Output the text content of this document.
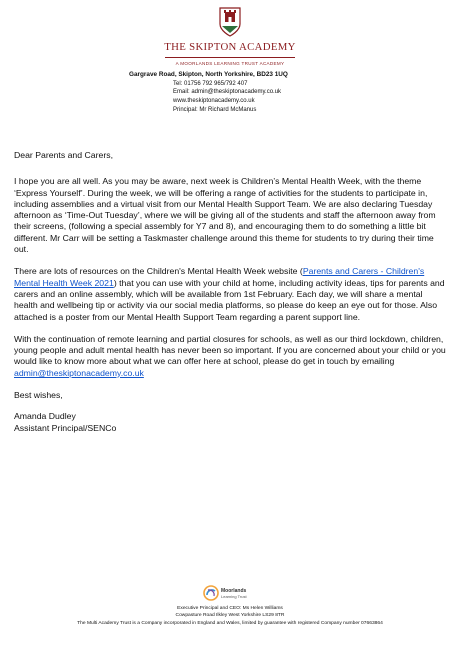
THE SKIPTON ACADEMY
A MOORLANDS LEARNING TRUST ACADEMY
Gargrave Road, Skipton, North Yorkshire, BD23 1UQ
Tel: 01756 792 965/792 407
Email: admin@theskiptonacademy.co.uk
www.theskiptonacademy.co.uk
Principal: Mr Richard McManus

Dear Parents and Carers,

I hope you are all well. As you may be aware, next week is Children’s Mental Health Week, with the theme ‘Express Yourself’. During the week, we will be offering a range of activities for the students to participate in, including assemblies and a virtual visit from our Mental Health Support Team. We are also declaring Tuesday afternoon as ‘Time-Out Tuesday’, where we will be giving all of the students and staff the afternoon away from their screens, (following a special assembly for Y7 and 8), and encouraging them to do something a little bit different. Mr Carr will be setting a Taskmaster challenge around this theme for students to try during their time out.

There are lots of resources on the Children's Mental Health Week website (Parents and Carers - Children's Mental Health Week 2021) that you can use with your child at home, including activity ideas, tips for parents and carers and an online assembly, which will be available from 1st February. Each day, we will share a mental health and wellbeing tip or activity via our social media platforms, so please do keep an eye out for those. Also attached is a poster from our Mental Health Support Team regarding a parent support line.

With the continuation of remote learning and partial closures for schools, as well as our third lockdown, children, young people and adult mental health has never been so important. If you are concerned about your child or you would like to know more about what we can offer here at school, please do get in touch by emailing admin@theskiptonacademy.co.uk

Best wishes,

Amanda Dudley

Assistant Principal/SENCo

Moorlands
Learning Trust
Executive Principal and CEO: Ms Helen Williams
Cowpasture Road Ilkley West Yorkshire LS29 8TR
The Multi Academy Trust is a Company incorporated in England and Wales, limited by guarantee with registered Company number 07663864
